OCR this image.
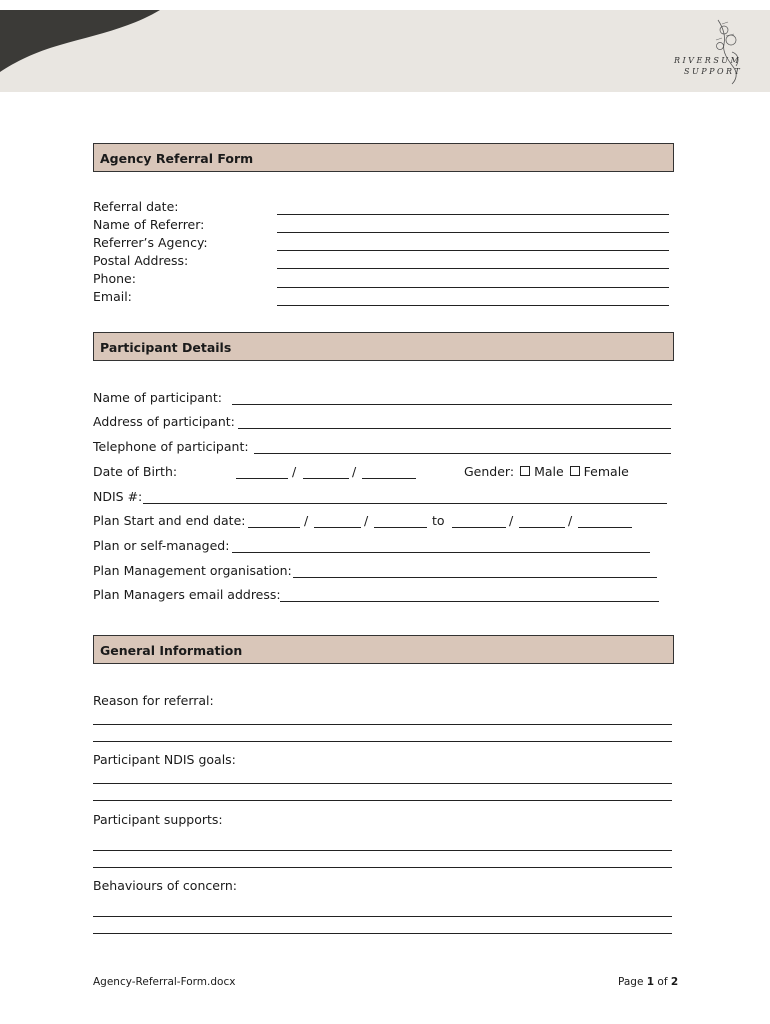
RIVERSUM
SUPPORT
Agency Referral Form
Referral date:
Name of Referrer:
Referrer’s Agency:
Postal Address:
Phone:
Email:
Participant Details
Name of participant:
Address of participant:
Telephone of participant:
Date of Birth:	/	/	Gender: Male Female
NDIS #:
Plan Start and end date:	/	/	to	/	/
Plan or self-managed:
Plan Management organisation:
Plan Managers email address:
General Information
Reason for referral:
Participant NDIS goals:
Participant supports:
Behaviours of concern:
Agency-Referral-Form.docx	Page 1 of 2
